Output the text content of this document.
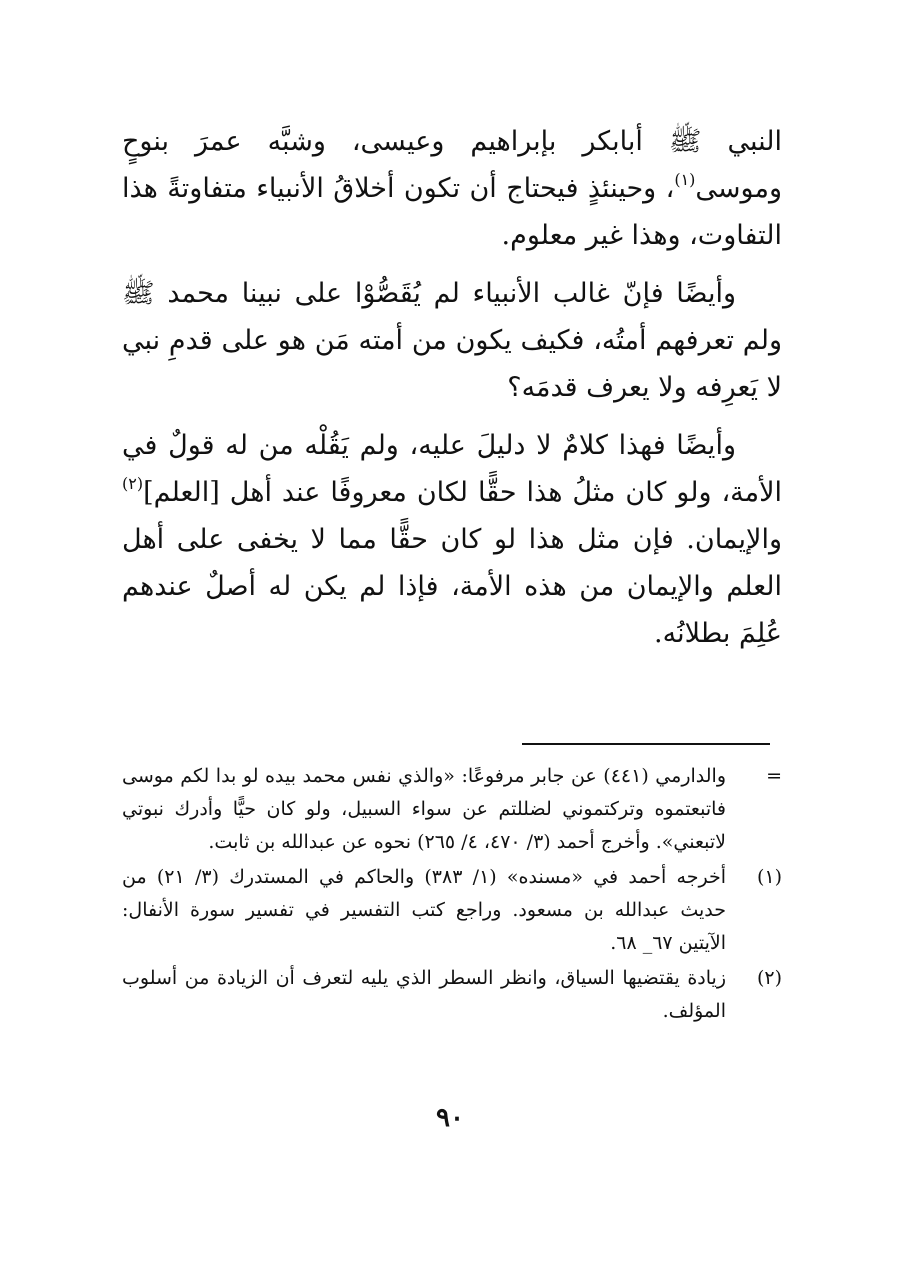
النبي ﷺ أبابكر بإبراهيم وعيسى، وشبَّه عمرَ بنوحٍ وموسى$^{(١)}$، وحينئذٍ فيحتاج أن تكون أخلاقُ الأنبياء متفاوتةً هذا التفاوت، وهذا غير معلوم.

وأيضًا فإنّ غالب الأنبياء لم يُقَصُّوْا على نبينا محمد ﷺ ولم تعرفهم أمتُه، فكيف يكون من أمته مَن هو على قدمِ نبي لا يَعرِفه ولا يعرف قدمَه؟

وأيضًا فهذا كلامٌ لا دليلَ عليه، ولم يَقُلْه من له قولٌ في الأمة، ولو كان مثلُ هذا حقًّا لكان معروفًا عند أهل [العلم]$^{(٢)}$ والإيمان. فإن مثل هذا لو كان حقًّا مما لا يخفى على أهل العلم والإيمان من هذه الأمة، فإذا لم يكن له أصلٌ عندهم عُلِمَ بطلانُه.

=
والدارمي (٤٤١) عن جابر مرفوعًا: «والذي نفس محمد بيده لو بدا لكم موسى فاتبعتموه وتركتموني لضللتم عن سواء السبيل، ولو كان حيًّا وأدرك نبوتي لاتبعني». وأخرج أحمد (٣/ ٤٧٠، ٤/ ٢٦٥) نحوه عن عبدالله بن ثابت.
(١)
أخرجه أحمد في «مسنده» (١/ ٣٨٣) والحاكم في المستدرك (٣/ ٢١) من حديث عبدالله بن مسعود. وراجع كتب التفسير في تفسير سورة الأنفال: الآيتين ٦٧_ ٦٨.
(٢)
زيادة يقتضيها السياق، وانظر السطر الذي يليه لتعرف أن الزيادة من أسلوب المؤلف.
٩٠
